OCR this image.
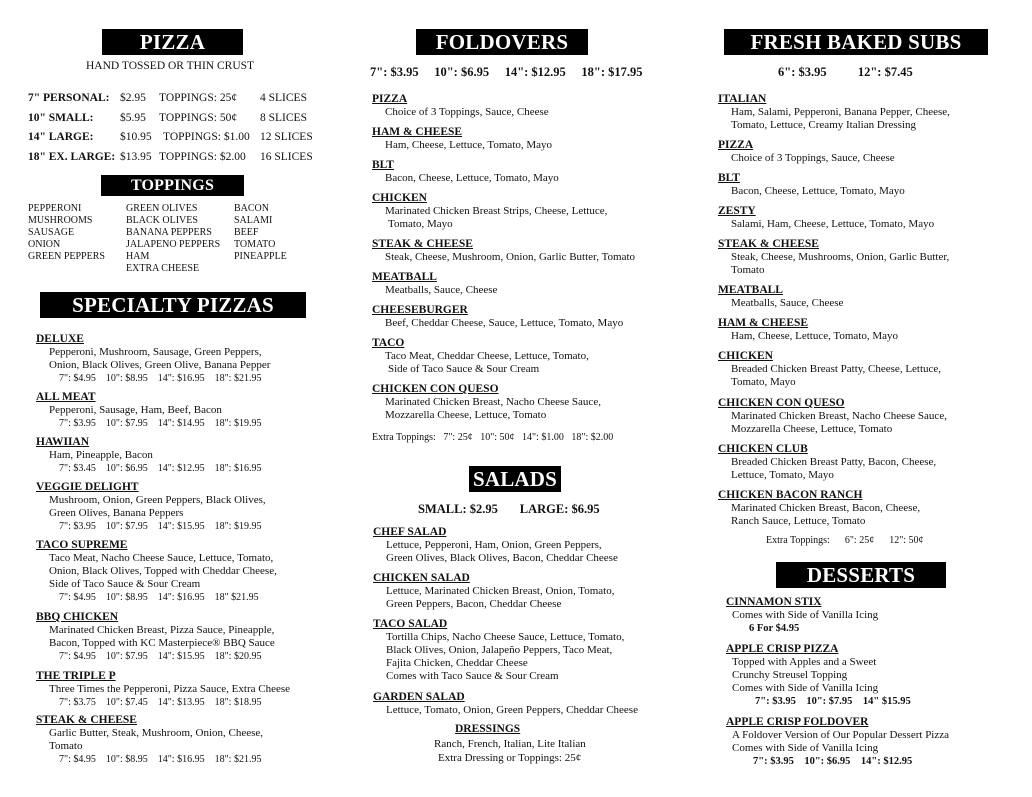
PIZZA
HAND TOSSED OR THIN CRUST
7" PERSONAL: $2.95 TOPPINGS: 25¢ 4 SLICES
10" SMALL: $5.95 TOPPINGS: 50¢ 8 SLICES
14" LARGE: $10.95 TOPPINGS: $1.00 12 SLICES
18" EX. LARGE: $13.95 TOPPINGS: $2.00 16 SLICES
TOPPINGS
PEPPERONI
MUSHROOMS
SAUSAGE
ONION
GREEN PEPPERS
GREEN OLIVES
BLACK OLIVES
BANANA PEPPERS
JALAPENO PEPPERS
HAM
EXTRA CHEESE
BACON
SALAMI
BEEF
TOMATO
PINEAPPLE
SPECIALTY PIZZAS
DELUXE
Pepperoni, Mushroom, Sausage, Green Peppers,
Onion, Black Olives, Green Olive, Banana Pepper
7": $4.95    10": $8.95    14": $16.95    18": $21.95
ALL MEAT
Pepperoni, Sausage, Ham, Beef, Bacon
7": $3.95    10": $7.95    14": $14.95    18": $19.95
HAWIIAN
Ham, Pineapple, Bacon
7": $3.45    10": $6.95    14": $12.95    18": $16.95
VEGGIE DELIGHT
Mushroom, Onion, Green Peppers, Black Olives,
Green Olives, Banana Peppers
7": $3.95    10": $7.95    14": $15.95    18": $19.95
TACO SUPREME
Taco Meat, Nacho Cheese Sauce, Lettuce, Tomato,
Onion, Black Olives, Topped with Cheddar Cheese,
Side of Taco Sauce & Sour Cream
7": $4.95    10": $8.95    14": $16.95    18" $21.95
BBQ CHICKEN
Marinated Chicken Breast, Pizza Sauce, Pineapple,
Bacon, Topped with KC Masterpiece® BBQ Sauce
7": $4.95    10": $7.95    14": $15.95    18": $20.95
THE TRIPLE P
Three Times the Pepperoni, Pizza Sauce, Extra Cheese
7": $3.75    10": $7.45    14": $13.95    18": $18.95
STEAK & CHEESE
Garlic Butter, Steak, Mushroom, Onion, Cheese,
Tomato
7": $4.95    10": $8.95    14": $16.95    18": $21.95
FOLDOVERS
7": $3.95     10": $6.95     14": $12.95     18": $17.95
PIZZA
Choice of 3 Toppings, Sauce, Cheese
HAM & CHEESE
Ham, Cheese, Lettuce, Tomato, Mayo
BLT
Bacon, Cheese, Lettuce, Tomato, Mayo
CHICKEN
Marinated Chicken Breast Strips, Cheese, Lettuce,
Tomato, Mayo
STEAK & CHEESE
Steak, Cheese, Mushroom, Onion, Garlic Butter, Tomato
MEATBALL
Meatballs, Sauce, Cheese
CHEESEBURGER
Beef, Cheddar Cheese, Sauce, Lettuce, Tomato, Mayo
TACO
Taco Meat, Cheddar Cheese, Lettuce, Tomato,
Side of Taco Sauce & Sour Cream
CHICKEN CON QUESO
Marinated Chicken Breast, Nacho Cheese Sauce,
Mozzarella Cheese, Lettuce, Tomato
Extra Toppings:   7": 25¢   10": 50¢   14": $1.00   18": $2.00
SALADS
SMALL: $2.95       LARGE: $6.95
CHEF SALAD
Lettuce, Pepperoni, Ham, Onion, Green Peppers,
Green Olives, Black Olives, Bacon, Cheddar Cheese
CHICKEN SALAD
Lettuce, Marinated Chicken Breast, Onion, Tomato,
Green Peppers, Bacon, Cheddar Cheese
TACO SALAD
Tortilla Chips, Nacho Cheese Sauce, Lettuce, Tomato,
Black Olives, Onion, Jalapeño Peppers, Taco Meat,
Fajita Chicken, Cheddar Cheese
Comes with Taco Sauce & Sour Cream
GARDEN SALAD
Lettuce, Tomato, Onion, Green Peppers, Cheddar Cheese
DRESSINGS
Ranch, French, Italian, Lite Italian
Extra Dressing or Toppings: 25¢
FRESH BAKED SUBS
6": $3.95          12": $7.45
ITALIAN
Ham, Salami, Pepperoni, Banana Pepper, Cheese,
Tomato, Lettuce, Creamy Italian Dressing
PIZZA
Choice of 3 Toppings, Sauce, Cheese
BLT
Bacon, Cheese, Lettuce, Tomato, Mayo
ZESTY
Salami, Ham, Cheese, Lettuce, Tomato, Mayo
STEAK & CHEESE
Steak, Cheese, Mushrooms, Onion, Garlic Butter,
Tomato
MEATBALL
Meatballs, Sauce, Cheese
HAM & CHEESE
Ham, Cheese, Lettuce, Tomato, Mayo
CHICKEN
Breaded Chicken Breast Patty, Cheese, Lettuce,
Tomato, Mayo
CHICKEN CON QUESO
Marinated Chicken Breast, Nacho Cheese Sauce,
Mozzarella Cheese, Lettuce, Tomato
CHICKEN CLUB
Breaded Chicken Breast Patty, Bacon, Cheese,
Lettuce, Tomato, Mayo
CHICKEN BACON RANCH
Marinated Chicken Breast, Bacon, Cheese,
Ranch Sauce, Lettuce, Tomato
Extra Toppings:      6": 25¢      12": 50¢
DESSERTS
CINNAMON STIX
Comes with Side of Vanilla Icing
6 For $4.95
APPLE CRISP PIZZA
Topped with Apples and a Sweet
Crunchy Streusel Topping
Comes with Side of Vanilla Icing
7": $3.95    10": $7.95    14" $15.95
APPLE CRISP FOLDOVER
A Foldover Version of Our Popular Dessert Pizza
Comes with Side of Vanilla Icing
7": $3.95    10": $6.95    14": $12.95
